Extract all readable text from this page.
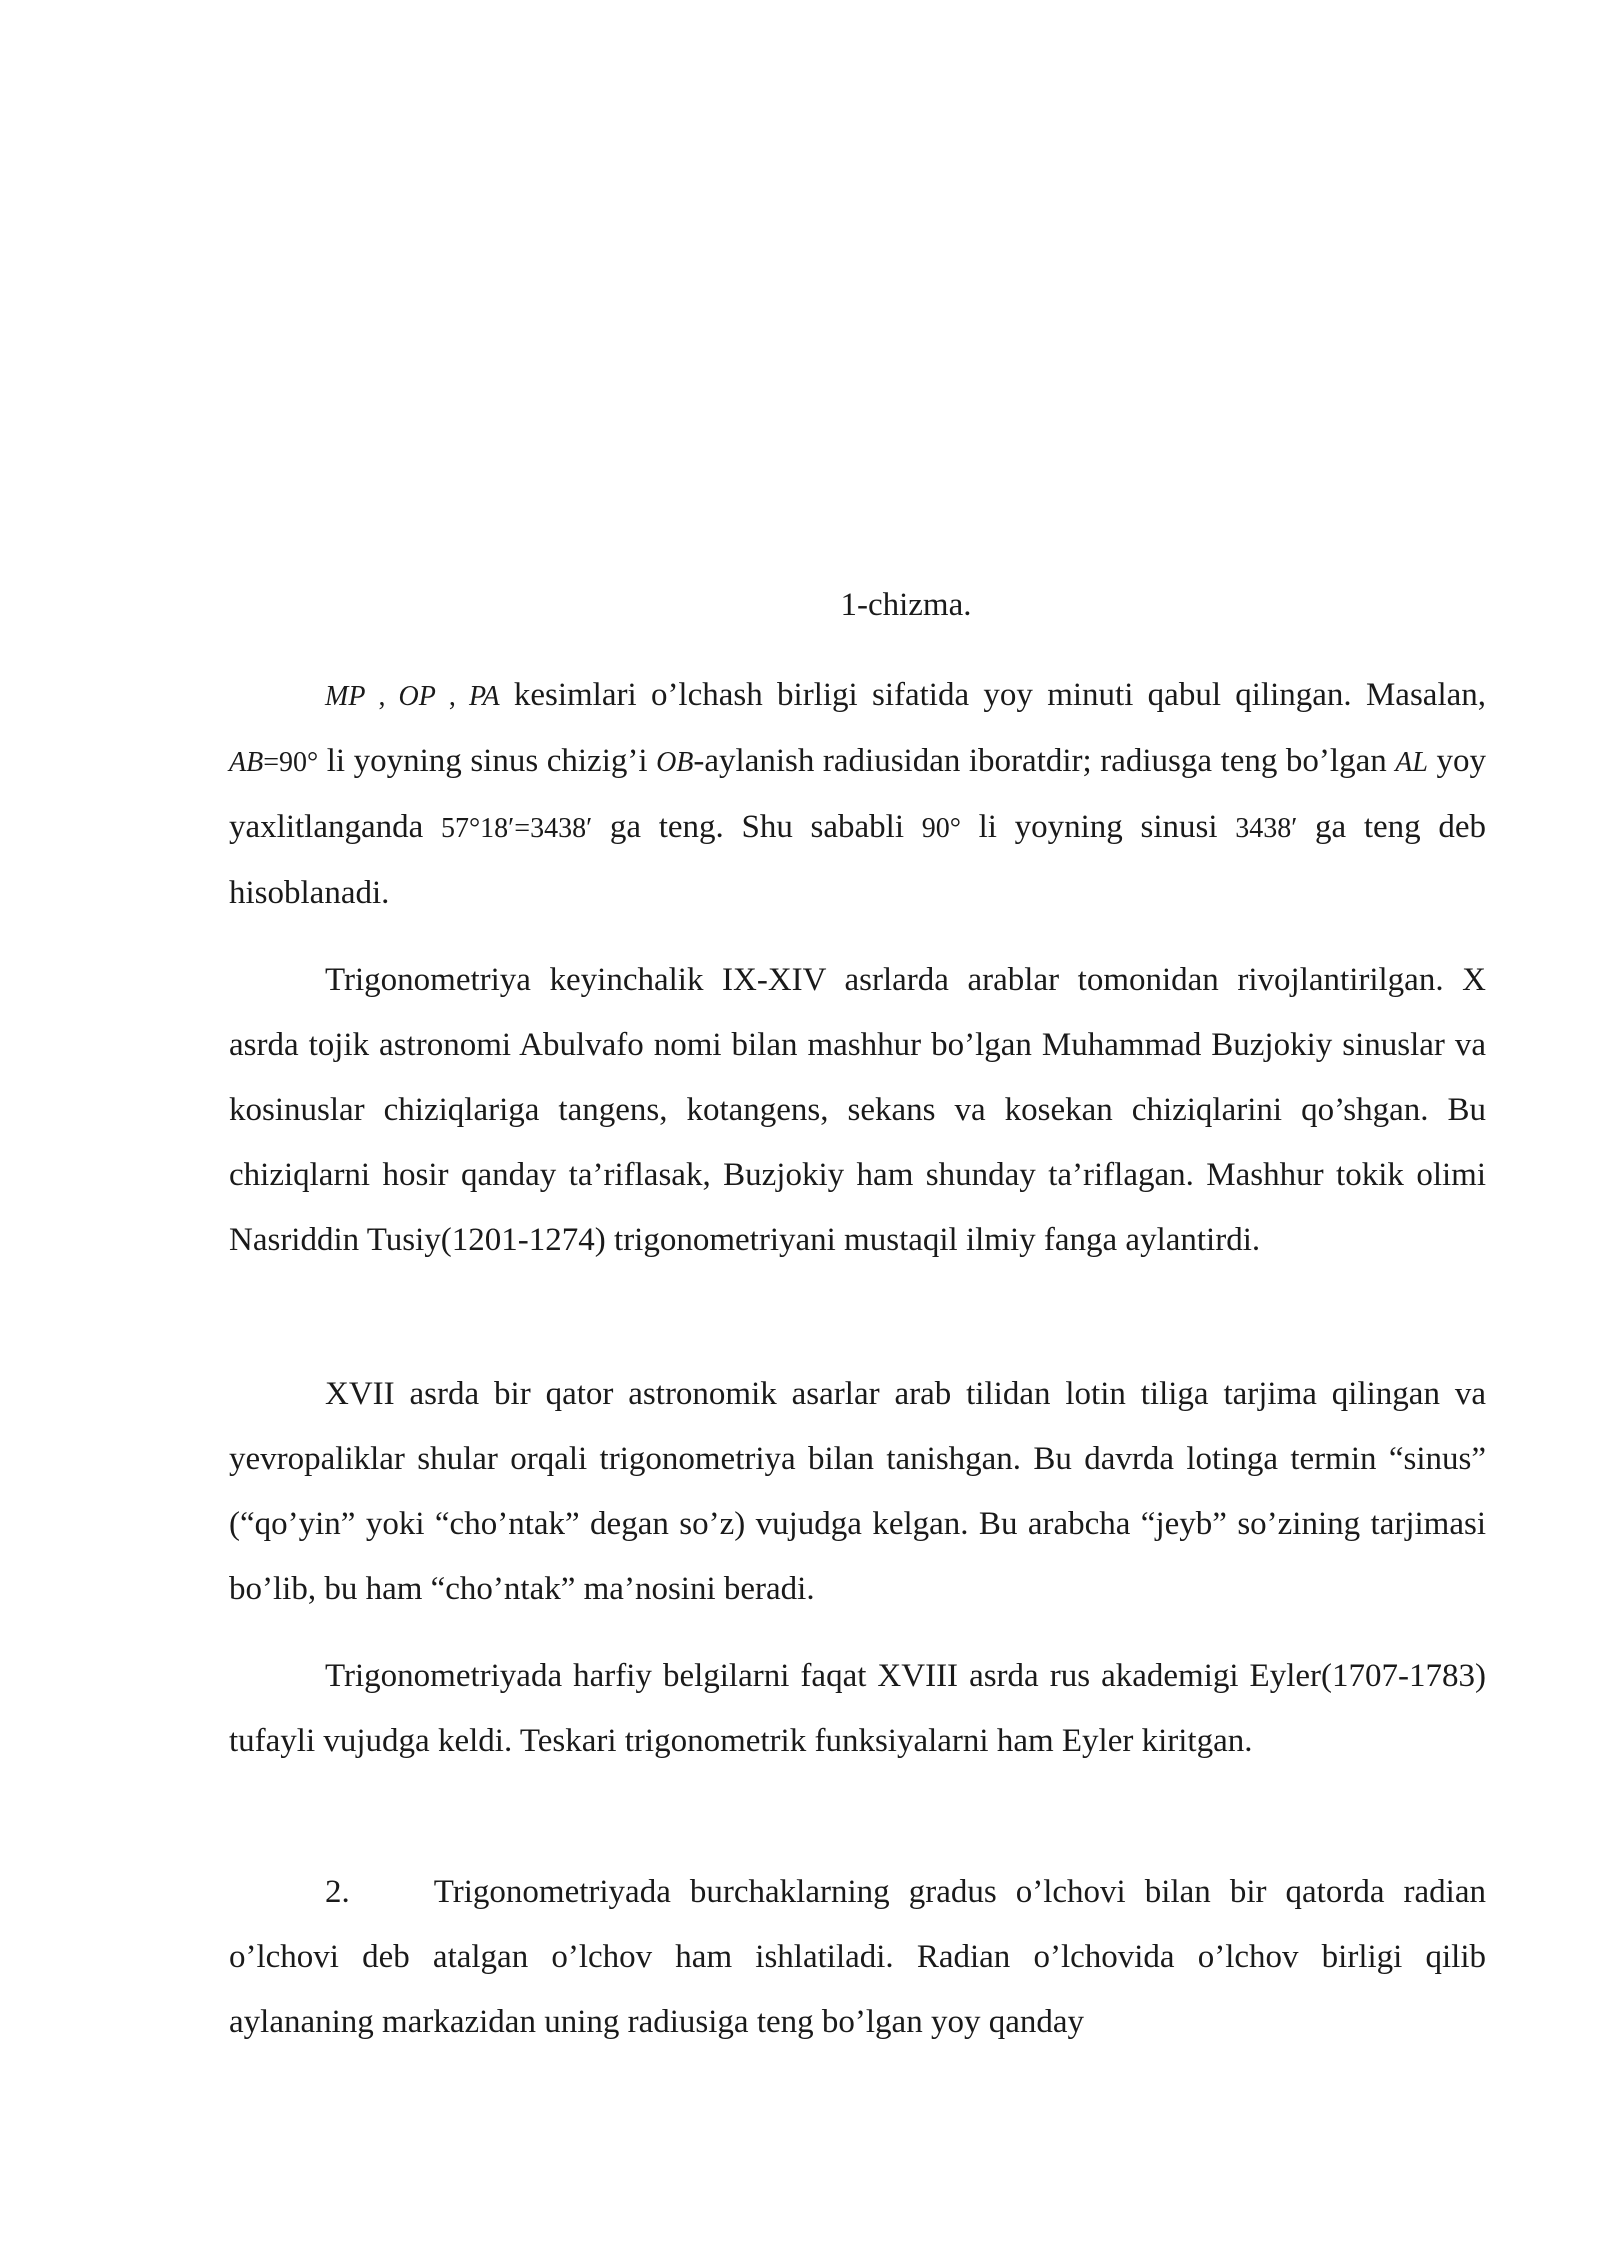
1-chizma.

MP , OP , PA kesimlari o’lchash birligi sifatida yoy minuti qabul qilingan. Masalan, AB=90° li yoyning sinus chizig’i OB-aylanish radiusidan iboratdir; radiusga teng bo’lgan AL yoy yaxlitlanganda 57°18′=3438′ ga teng. Shu sababli 90° li yoyning sinusi 3438′ ga teng deb hisoblanadi.

Trigonometriya keyinchalik IX-XIV asrlarda arablar tomonidan rivojlantirilgan. X asrda tojik astronomi Abulvafo nomi bilan mashhur bo’lgan Muhammad Buzjokiy sinuslar va kosinuslar chiziqlariga tangens, kotangens, sekans va kosekan chiziqlarini qo’shgan. Bu chiziqlarni hosir qanday ta’riflasak, Buzjokiy ham shunday ta’riflagan. Mashhur tokik olimi Nasriddin Tusiy(1201-1274) trigonometriyani mustaqil ilmiy fanga aylantirdi.

XVII asrda bir qator astronomik asarlar arab tilidan lotin tiliga tarjima qilingan va yevropaliklar shular orqali trigonometriya bilan tanishgan. Bu davrda lotinga termin “sinus” (“qo’yin” yoki “cho’ntak” degan so’z) vujudga kelgan. Bu arabcha “jeyb” so’zining tarjimasi bo’lib, bu ham “cho’ntak” ma’nosini beradi.

Trigonometriyada harfiy belgilarni faqat XVIII asrda rus akademigi Eyler(1707-1783) tufayli vujudga keldi. Teskari trigonometrik funksiyalarni ham Eyler kiritgan.

2.	Trigonometriyada burchaklarning gradus o’lchovi bilan bir qatorda radian o’lchovi deb atalgan o’lchov ham ishlatiladi. Radian o’lchovida o’lchov birligi qilib aylananing markazidan uning radiusiga teng bo’lgan yoy qanday
